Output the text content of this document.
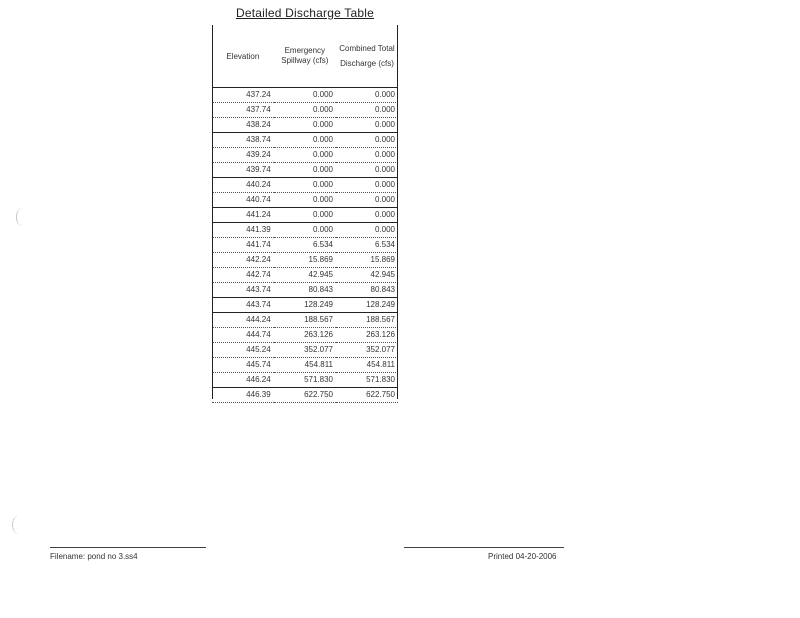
Detailed Discharge Table
Elevation	Emergency Spillway (cfs)	Combined Total Discharge (cfs)
437.24	0.000	0.000
437.74	0.000	0.000
438.24	0.000	0.000
438.74	0.000	0.000
439.24	0.000	0.000
439.74	0.000	0.000
440.24	0.000	0.000
440.74	0.000	0.000
441.24	0.000	0.000
441.39	0.000	0.000
441.74	6.534	6.534
442.24	15.869	15.869
442.74	42.945	42.945
443.74	80.843	80.843
443.74	128.249	128.249
444.24	188.567	188.567
444.74	263.126	263.126
445.24	352.077	352.077
445.74	454.811	454.811
446.24	571.830	571.830
446.39	622.750	622.750
Filename: pond no 3.ss4	Printed 04-20-2006
